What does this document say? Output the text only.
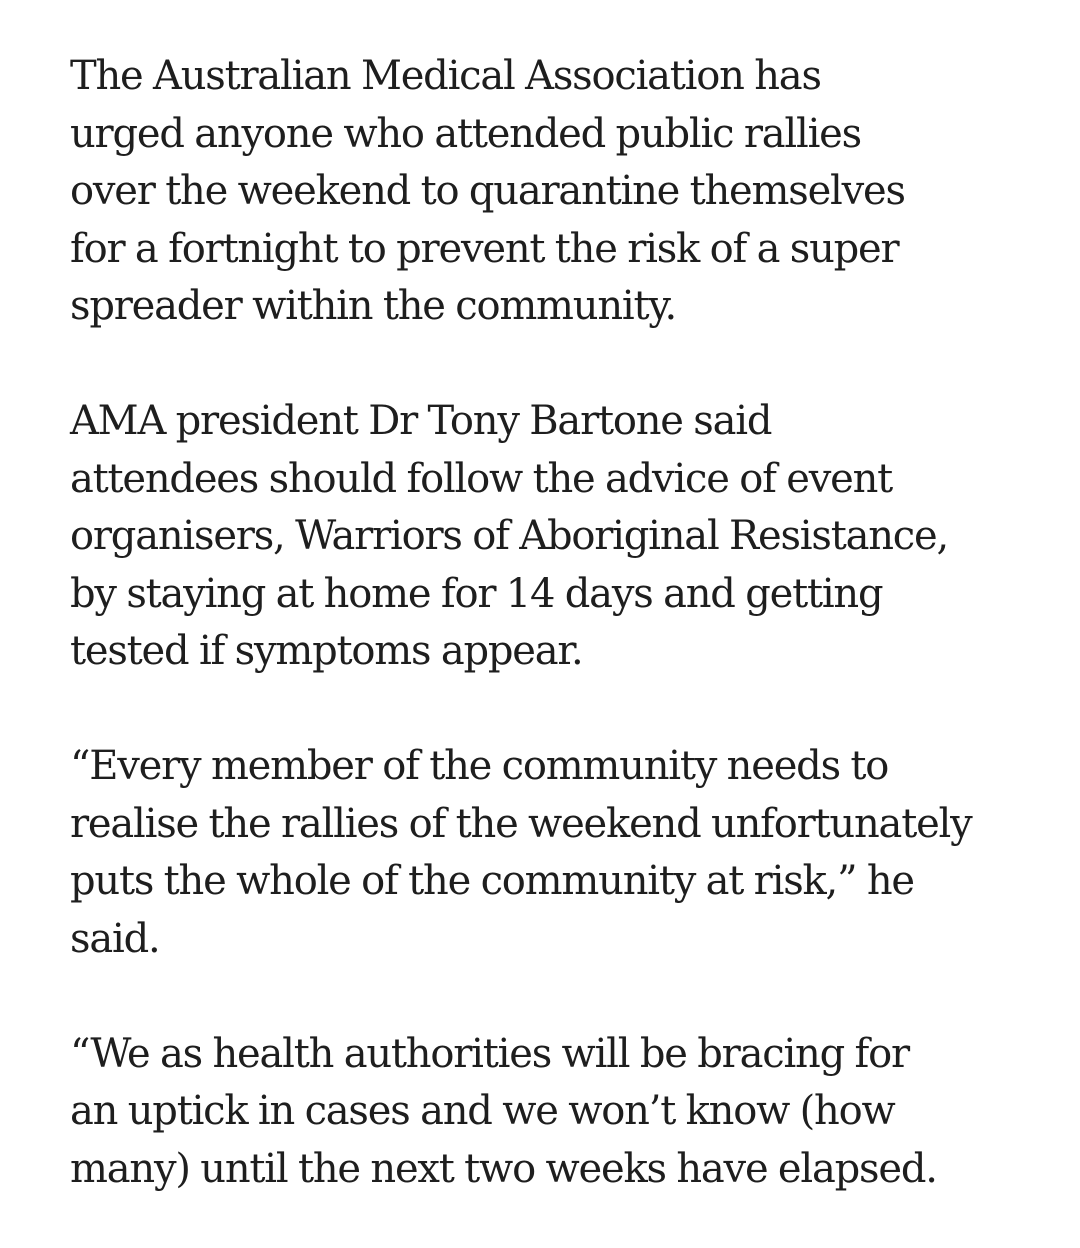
The Australian Medical Association has
urged anyone who attended public rallies
over the weekend to quarantine themselves
for a fortnight to prevent the risk of a super
spreader within the community.

AMA president Dr Tony Bartone said
attendees should follow the advice of event
organisers, Warriors of Aboriginal Resistance,
by staying at home for 14 days and getting
tested if symptoms appear.

“Every member of the community needs to
realise the rallies of the weekend unfortunately
puts the whole of the community at risk,” he
said.

“We as health authorities will be bracing for
an uptick in cases and we won’t know (how
many) until the next two weeks have elapsed.
